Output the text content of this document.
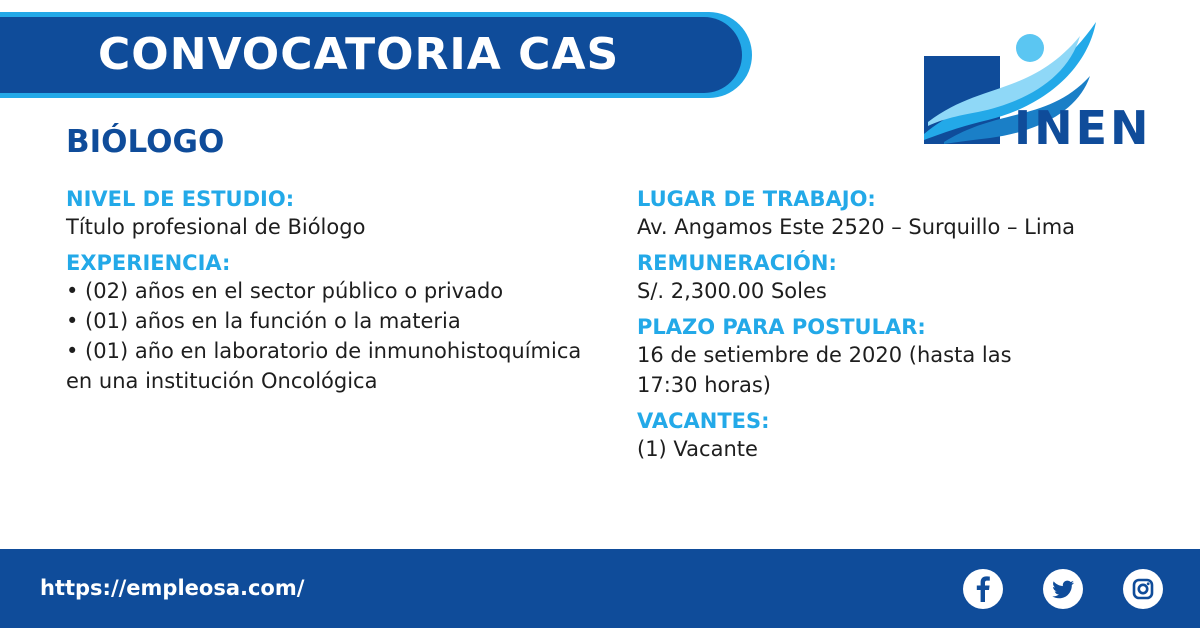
CONVOCATORIA CAS
INEN
BIÓLOGO
NIVEL DE ESTUDIO:
Título profesional de Biólogo
EXPERIENCIA:
• (02) años en el sector público o privado
• (01) años en la función o la materia
• (01) año en laboratorio de inmunohistoquímica en una institución Oncológica
LUGAR DE TRABAJO:
Av. Angamos Este 2520 – Surquillo – Lima
REMUNERACIÓN:
S/. 2,300.00 Soles
PLAZO PARA POSTULAR:
16 de setiembre de 2020 (hasta las 17:30 horas)
VACANTES:
(1) Vacante
https://empleosa.com/
